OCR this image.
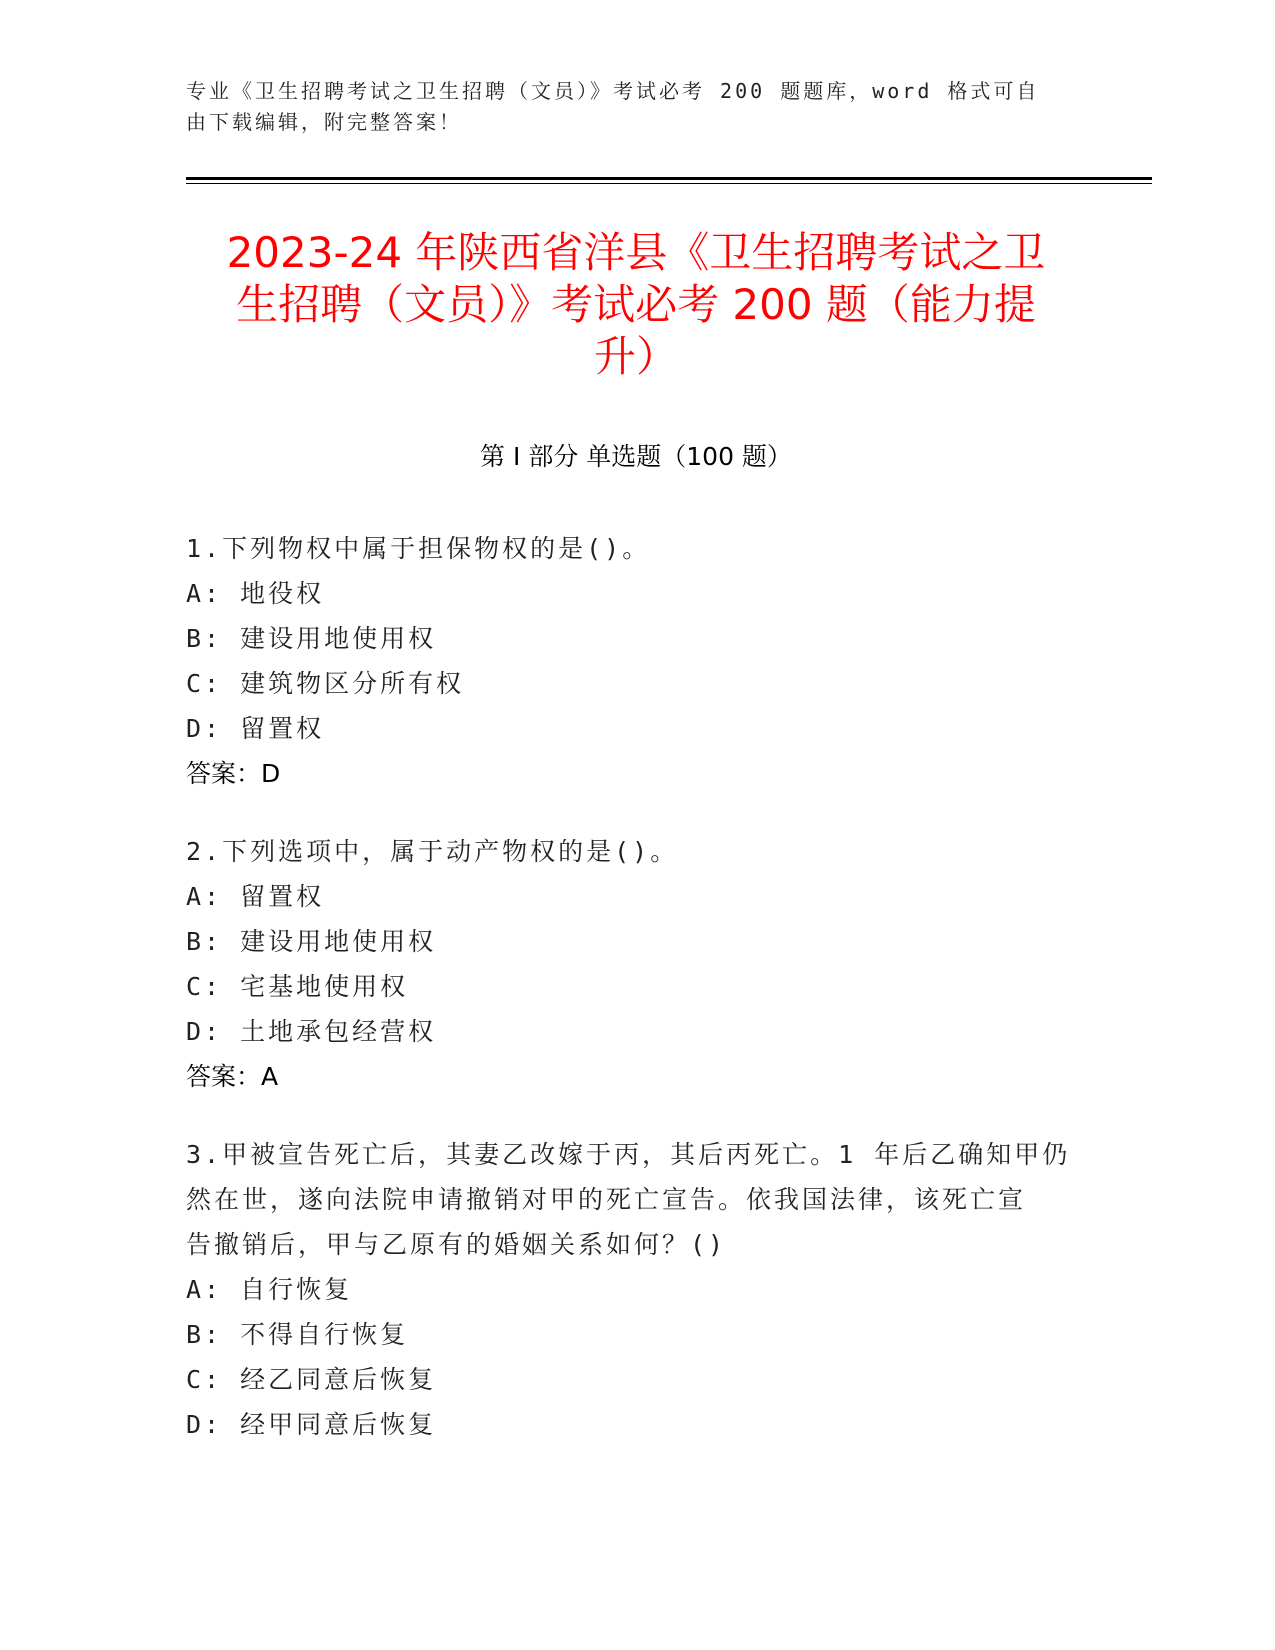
专业《卫生招聘考试之卫生招聘（文员）》考试必考 200 题题库，word 格式可自
由下载编辑，附完整答案！
2023-24 年陕西省洋县《卫生招聘考试之卫
生招聘（文员）》考试必考 200 题（能力提
升）
第 I 部分 单选题（100 题）
1.下列物权中属于担保物权的是()。
A: 地役权
B: 建设用地使用权
C: 建筑物区分所有权
D: 留置权
答案：D
2.下列选项中，属于动产物权的是()。
A: 留置权
B: 建设用地使用权
C: 宅基地使用权
D: 土地承包经营权
答案：A
3.甲被宣告死亡后，其妻乙改嫁于丙，其后丙死亡。1 年后乙确知甲仍
然在世，遂向法院申请撤销对甲的死亡宣告。依我国法律，该死亡宣
告撤销后，甲与乙原有的婚姻关系如何？()
A: 自行恢复
B: 不得自行恢复
C: 经乙同意后恢复
D: 经甲同意后恢复
